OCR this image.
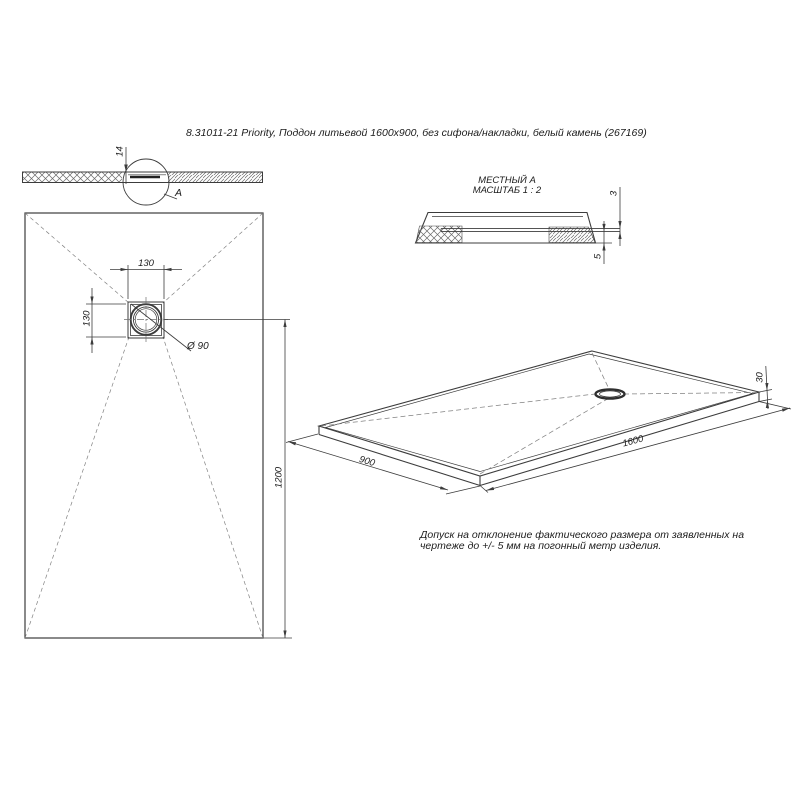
8.31011-21 Priority, Поддон литьевой 1600x900, без сифона/накладки, белый камень (267169)
14
A
130
130
Ø 90
1200
МЕСТНЫЙ А
МАСШТАБ 1 : 2	3
5
900
1600
30
Допуск на отклонение фактического размера от заявленных на
чертеже до +/- 5 мм на погонный метр изделия.
